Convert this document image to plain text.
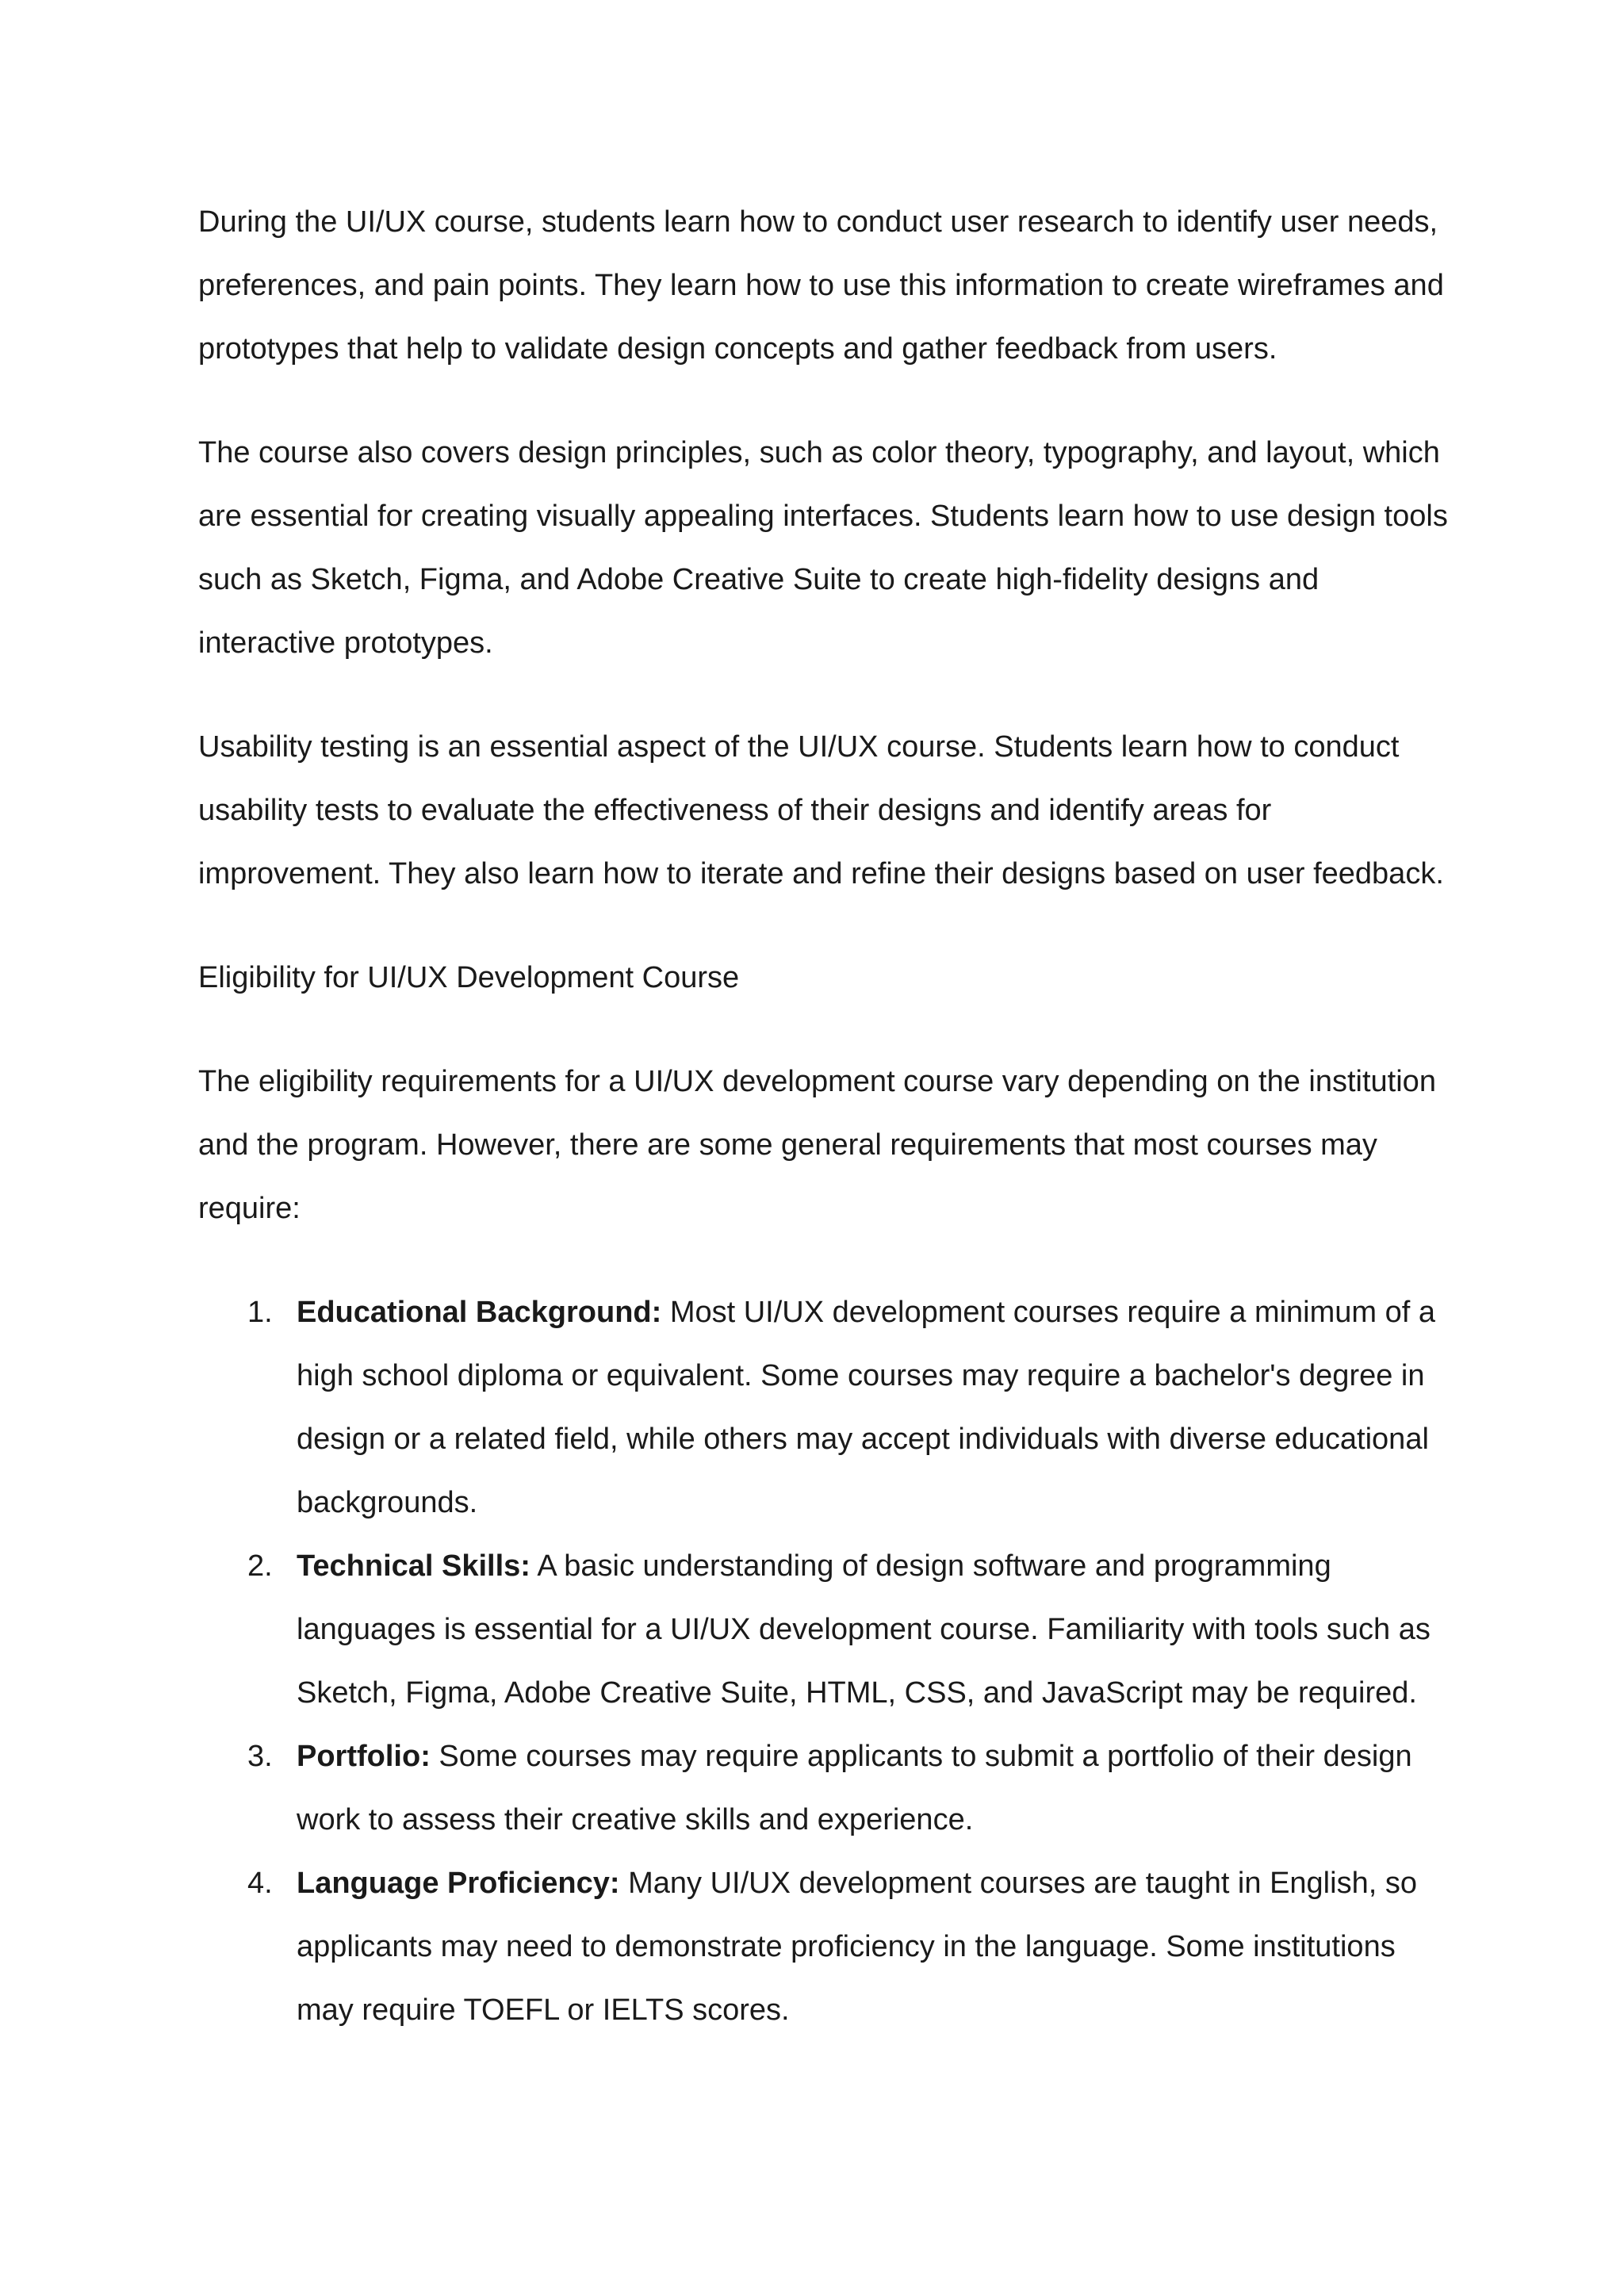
During the UI/UX course, students learn how to conduct user research to identify user needs, preferences, and pain points. They learn how to use this information to create wireframes and prototypes that help to validate design concepts and gather feedback from users.

The course also covers design principles, such as color theory, typography, and layout, which are essential for creating visually appealing interfaces. Students learn how to use design tools such as Sketch, Figma, and Adobe Creative Suite to create high-fidelity designs and interactive prototypes.

Usability testing is an essential aspect of the UI/UX course. Students learn how to conduct usability tests to evaluate the effectiveness of their designs and identify areas for improvement. They also learn how to iterate and refine their designs based on user feedback.

Eligibility for UI/UX Development Course

The eligibility requirements for a UI/UX development course vary depending on the institution and the program. However, there are some general requirements that most courses may require:

1. Educational Background: Most UI/UX development courses require a minimum of a high school diploma or equivalent. Some courses may require a bachelor's degree in design or a related field, while others may accept individuals with diverse educational backgrounds.
2. Technical Skills: A basic understanding of design software and programming languages is essential for a UI/UX development course. Familiarity with tools such as Sketch, Figma, Adobe Creative Suite, HTML, CSS, and JavaScript may be required.
3. Portfolio: Some courses may require applicants to submit a portfolio of their design work to assess their creative skills and experience.
4. Language Proficiency: Many UI/UX development courses are taught in English, so applicants may need to demonstrate proficiency in the language. Some institutions may require TOEFL or IELTS scores.
